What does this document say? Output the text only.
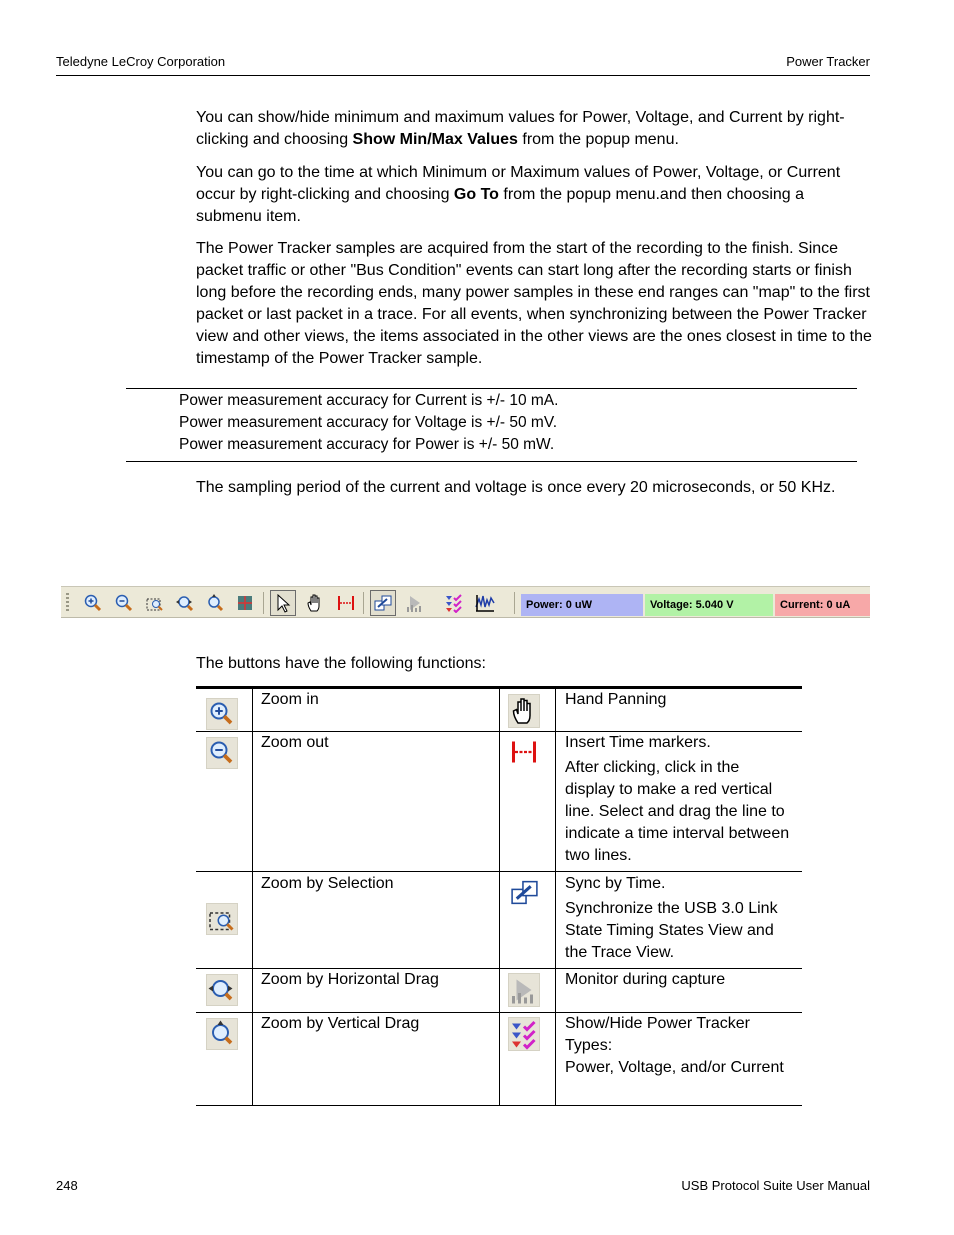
Teledyne LeCroy Corporation	Power Tracker
You can show/hide minimum and maximum values for Power, Voltage, and Current by right-clicking and choosing Show Min/Max Values from the popup menu.
You can go to the time at which Minimum or Maximum values of Power, Voltage, or Current occur by right-clicking and choosing Go To from the popup menu.and then choosing a submenu item.
The Power Tracker samples are acquired from the start of the recording to the finish. Since packet traffic or other "Bus Condition" events can start long after the recording starts or finish long before the recording ends, many power samples in these end ranges can "map" to the first packet or last packet in a trace. For all events, when synchronizing between the Power Tracker view and other views, the items associated in the other views are the ones closest in time to the timestamp of the Power Tracker sample.
Power measurement accuracy for Current is +/- 10 mA.
Power measurement accuracy for Voltage is +/- 50 mV.
Power measurement accuracy for Power is +/- 50 mW.
The sampling period of the current and voltage is once every 20 microseconds, or 50 KHz.
Power: 0 uW	Voltage: 5.040 V	Current: 0 uA
The buttons have the following functions:
Zoom in	Hand Panning
Zoom out	Insert Time markers.
After clicking, click in the display to make a red vertical line. Select and drag the line to indicate a time interval between two lines.
Zoom by Selection	Sync by Time.
Synchronize the USB 3.0 Link State Timing States View and the Trace View.
Zoom by Horizontal Drag	Monitor during capture
Zoom by Vertical Drag	Show/Hide Power Tracker Types:
Power, Voltage, and/or Current
248	USB Protocol Suite User Manual
